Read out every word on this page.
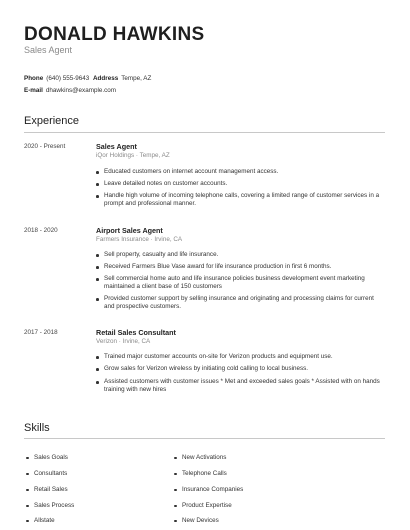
DONALD HAWKINS
Sales Agent
Phone (640) 555-9643 Address Tempe, AZ
E-mail dhawkins@example.com
Experience
2020 - Present	Sales Agent
iQor Holdings · Tempe, AZ
Educated customers on internet account management access.
Leave detailed notes on customer accounts.
Handle high volume of incoming telephone calls, covering a limited range of customer services in a prompt and professional manner.
2018 - 2020	Airport Sales Agent
Farmers Insurance · Irvine, CA
Sell property, casualty and life insurance.
Received Farmers Blue Vase award for life insurance production in first 6 months.
Sell commercial home auto and life insurance policies business development event marketing maintained a client base of 150 customers
Provided customer support by selling insurance and originating and processing claims for current and prospective customers.
2017 - 2018	Retail Sales Consultant
Verizon · Irvine, CA
Trained major customer accounts on-site for Verizon products and equipment use.
Grow sales for Verizon wireless by initiating cold calling to local business.
Assisted customers with customer issues * Met and exceeded sales goals * Assisted with on hands training with new hires
Skills
Sales Goals
Consultants
Retail Sales
Sales Process
Allstate
New Activations
Telephone Calls
Insurance Companies
Product Expertise
New Devices
